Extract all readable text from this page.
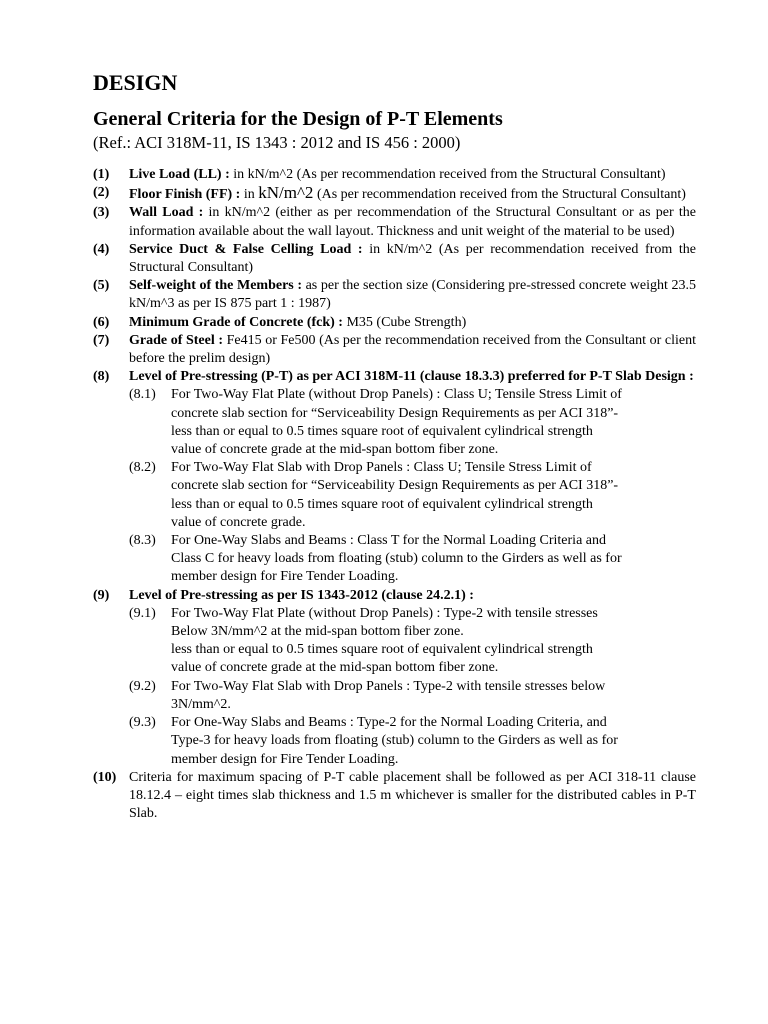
DESIGN
General Criteria for the Design of P-T Elements
(Ref.: ACI 318M-11, IS 1343 : 2012 and IS 456 : 2000)
(1) Live Load (LL) : in kN/m^2 (As per recommendation received from the Structural Consultant)
(2) Floor Finish (FF) : in kN/m^2 (As per recommendation received from the Structural Consultant)
(3) Wall Load : in kN/m^2 (either as per recommendation of the Structural Consultant or as per the information available about the wall layout. Thickness and unit weight of the material to be used)
(4) Service Duct & False Celling Load : in kN/m^2 (As per recommendation received from the Structural Consultant)
(5) Self-weight of the Members : as per the section size (Considering pre-stressed concrete weight 23.5 kN/m^3 as per IS 875 part 1 : 1987)
(6) Minimum Grade of Concrete (fck) : M35 (Cube Strength)
(7) Grade of Steel : Fe415 or Fe500 (As per the recommendation received from the Consultant or client before the prelim design)
(8) Level of Pre-stressing (P-T) as per ACI 318M-11 (clause 18.3.3) preferred for P-T Slab Design :
(8.1) For Two-Way Flat Plate (without Drop Panels) : Class U; Tensile Stress Limit of
concrete slab section for “Serviceability Design Requirements as per ACI 318”-
less than or equal to 0.5 times square root of equivalent cylindrical strength
value of concrete grade at the mid-span bottom fiber zone.
(8.2) For Two-Way Flat Slab with Drop Panels : Class U; Tensile Stress Limit of
concrete slab section for “Serviceability Design Requirements as per ACI 318”-
less than or equal to 0.5 times square root of equivalent cylindrical strength
value of concrete grade.
(8.3) For One-Way Slabs and Beams : Class T for the Normal Loading Criteria and
Class C for heavy loads from floating (stub) column to the Girders as well as for
member design for Fire Tender Loading.
(9) Level of Pre-stressing as per IS 1343-2012 (clause 24.2.1) :
(9.1) For Two-Way Flat Plate (without Drop Panels) : Type-2 with tensile stresses
Below 3N/mm^2 at the mid-span bottom fiber zone.
less than or equal to 0.5 times square root of equivalent cylindrical strength
value of concrete grade at the mid-span bottom fiber zone.
(9.2) For Two-Way Flat Slab with Drop Panels : Type-2 with tensile stresses below
3N/mm^2.
(9.3) For One-Way Slabs and Beams : Type-2 for the Normal Loading Criteria, and
Type-3 for heavy loads from floating (stub) column to the Girders as well as for
member design for Fire Tender Loading.
(10) Criteria for maximum spacing of P-T cable placement shall be followed as per ACI 318-11 clause 18.12.4 – eight times slab thickness and 1.5 m whichever is smaller for the distributed cables in P-T Slab.
